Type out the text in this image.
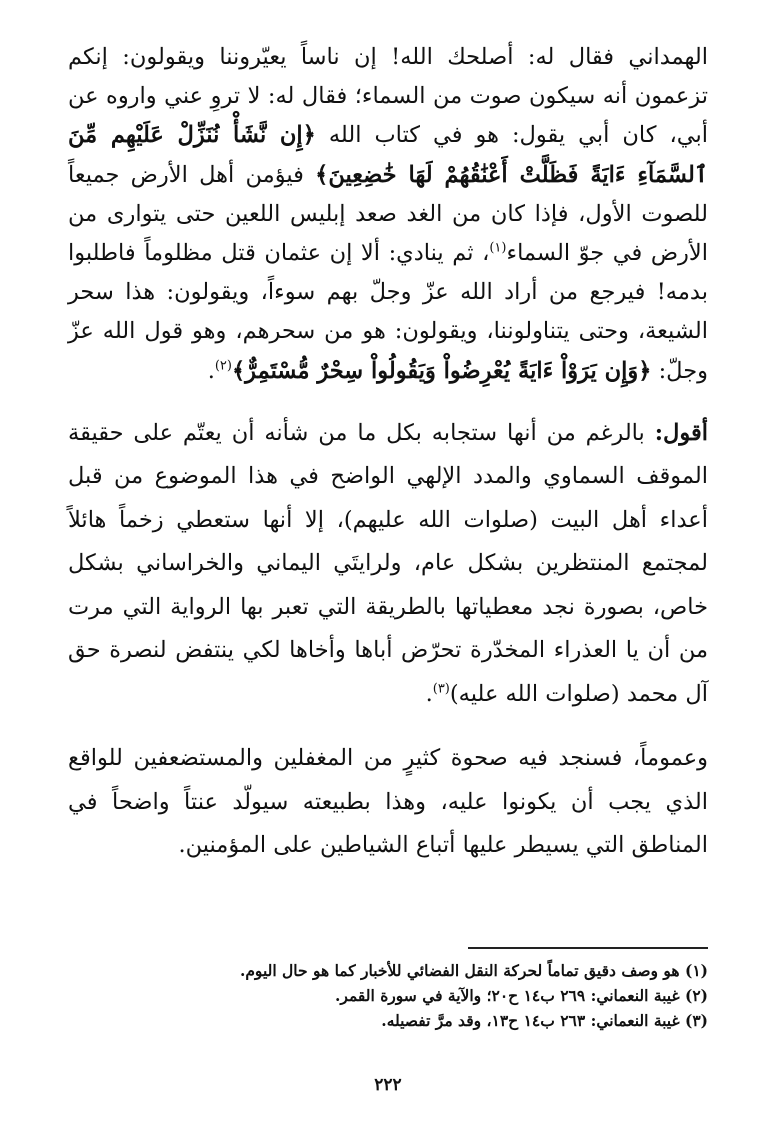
الهمداني فقال له: أصلحك الله! إن ناساً يعيّروننا ويقولون: إنكم تزعمون أنه سيكون صوت من السماء؛ فقال له: لا تروِ عني واروه عن أبي، كان أبي يقول: هو في كتاب الله ﴿إِن نَّشَأْ نُنَزِّلْ عَلَيْهِم مِّنَ ٱلسَّمَآءِ ءَايَةً فَظَلَّتْ أَعْنَٰقُهُمْ لَهَا خَٰضِعِينَ﴾ فيؤمن أهل الأرض جميعاً للصوت الأول، فإذا كان من الغد صعد إبليس اللعين حتى يتوارى من الأرض في جوّ السماء$^{(١)}$، ثم ينادي: ألا إن عثمان قتل مظلوماً فاطلبوا بدمه! فيرجع من أراد الله عزّ وجلّ بهم سوءاً، ويقولون: هذا سحر الشيعة، وحتى يتناولوننا، ويقولون: هو من سحرهم، وهو قول الله عزّ وجلّ: ﴿وَإِن يَرَوْاْ ءَايَةً يُعْرِضُواْ وَيَقُولُواْ سِحْرٌ مُّسْتَمِرٌّ﴾$^{(٢)}$.

أقول: بالرغم من أنها ستجابه بكل ما من شأنه أن يعتّم على حقيقة الموقف السماوي والمدد الإلهي الواضح في هذا الموضوع من قبل أعداء أهل البيت (صلوات الله عليهم)، إلا أنها ستعطي زخماً هائلاً لمجتمع المنتظرين بشكل عام، ولرايتَي اليماني والخراساني بشكل خاص، بصورة نجد معطياتها بالطريقة التي تعبر بها الرواية التي مرت من أن يا العذراء المخدّرة تحرّض أباها وأخاها لكي ينتفض لنصرة حق آل محمد (صلوات الله عليه)$^{(٣)}$.

وعموماً، فسنجد فيه صحوة كثيرٍ من المغفلين والمستضعفين للواقع الذي يجب أن يكونوا عليه، وهذا بطبيعته سيولّد عنتاً واضحاً في المناطق التي يسيطر عليها أتباع الشياطين على المؤمنين.

(١) هو وصف دقيق تماماً لحركة النقل الفضائي للأخبار كما هو حال اليوم.
(٢) غيبة النعماني: ٢٦٩ ب١٤ ح٢٠؛ والآية في سورة القمر.
(٣) غيبة النعماني: ٢٦٣ ب١٤ ح١٣، وقد مرَّ تفصيله.
٢٢٢
